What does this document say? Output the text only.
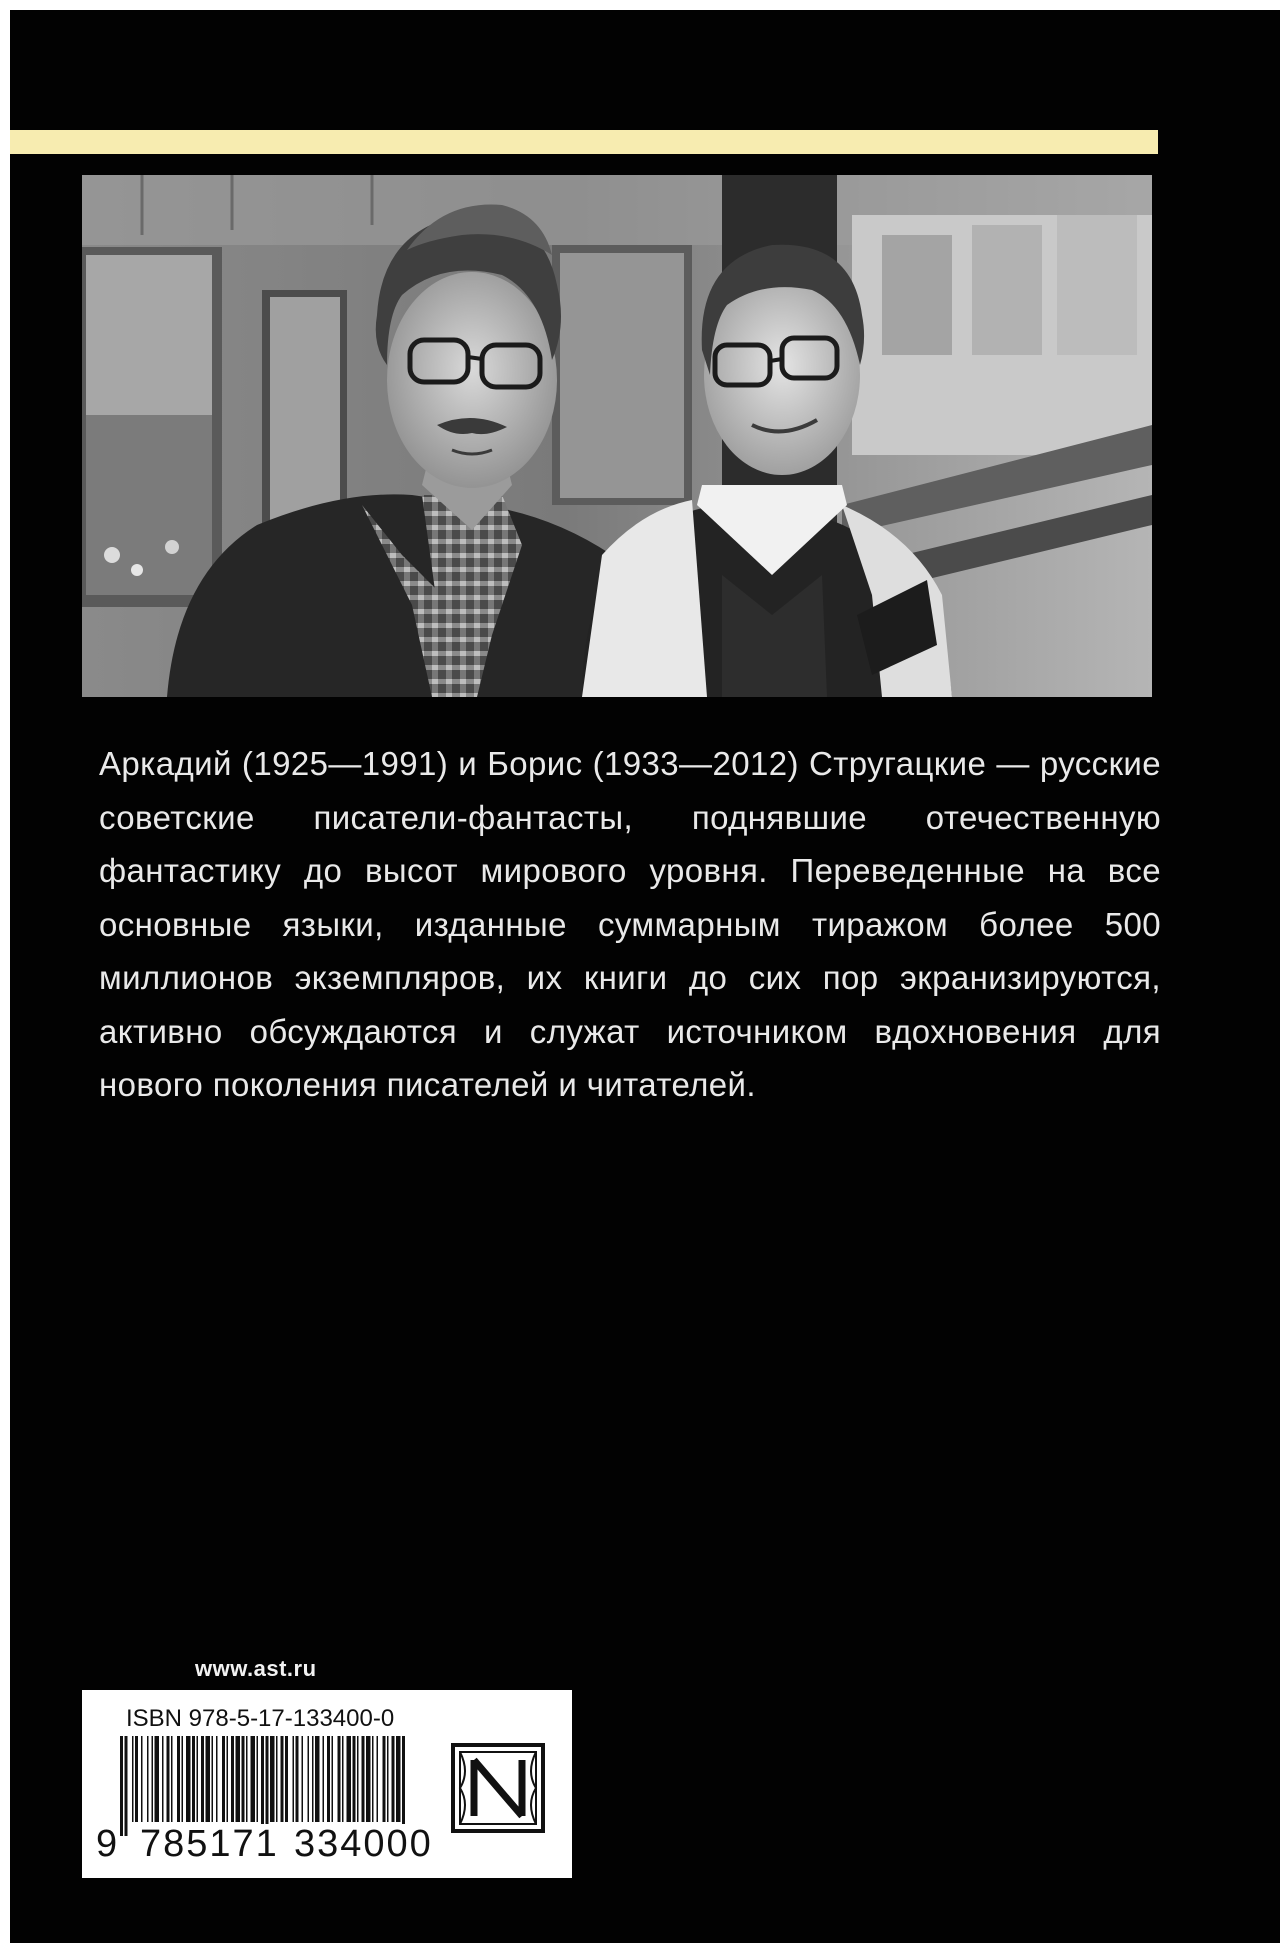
Аркадий (1925—1991) и Борис (1933—2012) Стругацкие — русские советские писатели-фантасты, поднявшие отечественную фантастику до высот мирового уровня. Переведенные на все основные языки, изданные суммарным тиражом более 500 миллионов экземпляров, их книги до сих пор экранизируются, активно обсуждаются и служат источником вдохновения для нового поколения писателей и читателей.

www.ast.ru
ISBN 978-5-17-133400-0
9 785171 334000
